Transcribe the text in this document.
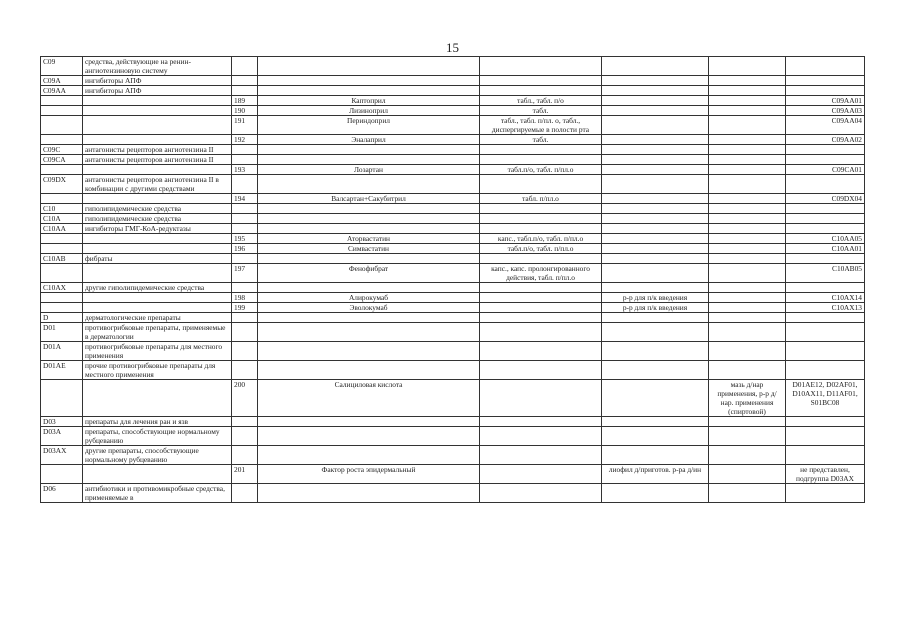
15
C09	средства, действующие на ренин-ангиотензиновую систему						
C09A	ингибиторы АПФ						
C09AA	ингибиторы АПФ						
		189	Каптоприл	табл., табл. п/о			C09AA01
		190	Лизиноприл	табл.			C09AA03
		191	Периндоприл	табл., табл. п/пл. о, табл., диспергируемые в полости рта			C09AA04
		192	Эналаприл	табл.			C09AA02
C09C	антагонисты рецепторов ангиотензина II						
C09CA	антагонисты рецепторов ангиотензина II						
		193	Лозартан	табл.п/о, табл. п/пл.о			C09CA01
C09DX	антагонисты рецепторов ангиотензина II в комбинации с другими средствами						
		194	Валсартан+Сакубитрил	табл. п/пл.о			C09DX04
C10	гиполипидемические средства						
C10A	гиполипидемические средства						
C10AA	ингибиторы ГМГ-КоА-редуктазы						
		195	Аторвастатин	капс., табл.п/о, табл. п/пл.о			C10AA05
		196	Симвастатин	табл.п/о, табл. п/пл.о			C10AA01
C10AB	фибраты						
		197	Фенофибрат	капс., капс. пролонгированного действия, табл. п/пл.о			C10AB05
C10AX	другие гиполипидемические средства						
		198	Алирокумаб		р-р для п/к введения		C10AX14
		199	Эволокумаб		р-р для п/к введения		C10AX13
D	дерматологические препараты						
D01	противогрибковые препараты, применяемые в дерматологии						
D01A	противогрибковые препараты для местного применения						
D01AE	прочие противогрибковые препараты для местного применения						
		200	Салициловая кислота			мазь д/нар применения, р-р д/нар. применения (спиртовой)	D01AE12, D02AF01, D10AX11, D11AF01, S01BC08
D03	препараты для лечения ран и язв						
D03A	препараты, способствующие нормальному рубцеванию						
D03AX	другие препараты, способствующие нормальному рубцеванию						
		201	Фактор роста эпидермальный		лиофил д/приготов. р-ра д/ин		не представлен, подгруппа D03AX
D06	антибиотики и противомикробные средства, применяемые в						
